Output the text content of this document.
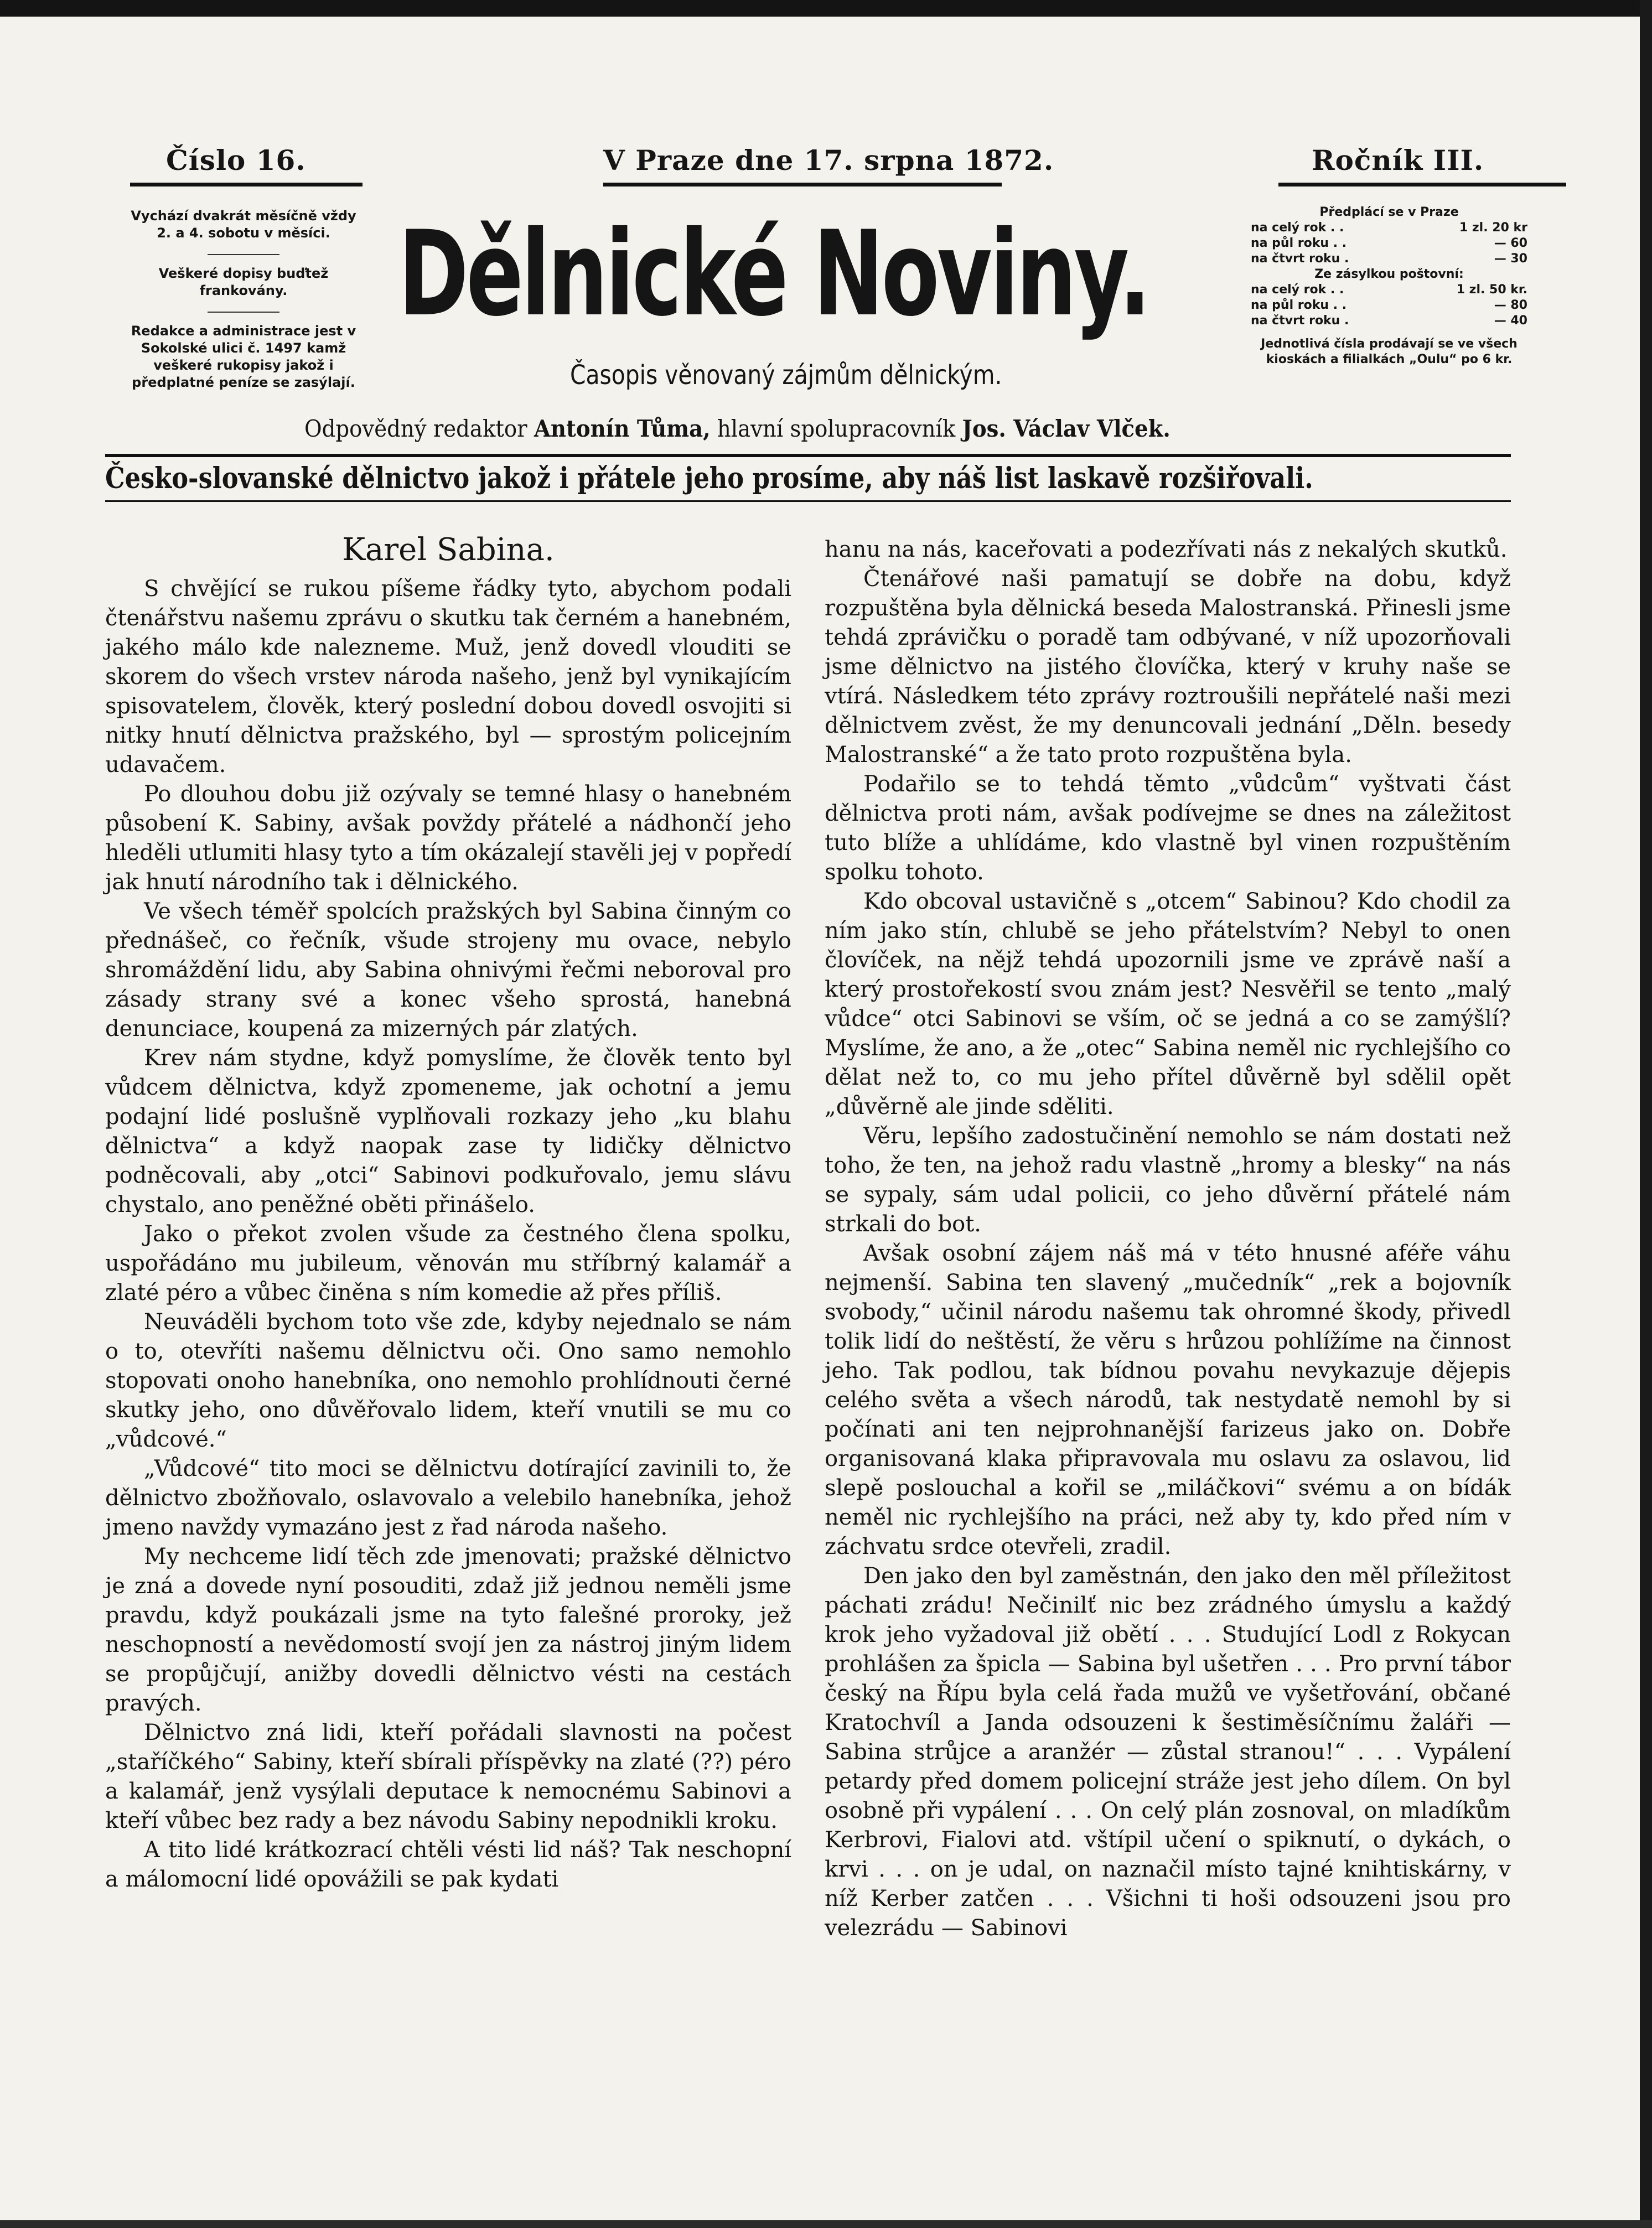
Číslo 16.	V Praze dne 17. srpna 1872.	Ročník III.

Vychází dvakrát měsíčně vždy 2. a 4. sobotu v měsíci.

Veškeré dopisy buďtež frankovány.

Redakce a administrace jest v Sokolské ulici č. 1497 kamž veškeré rukopisy jakož i předplatné peníze se zasýlají.

Dělnické Noviny.
Časopis věnovaný zájmům dělnickým.

Předplácí se v Praze

na celý rok . .	1 zl. 20 kr

na půl roku . .	— 60

na čtvrt roku .	— 30

Ze zásylkou poštovní:

na celý rok . .	1 zl. 50 kr.

na půl roku . .	— 80

na čtvrt roku .	— 40

Jednotlivá čísla prodávají se ve všech kioskách a filialkách „Oulu“ po 6 kr.

Odpovědný redaktor Antonín Tůma, hlavní spolupracovník Jos. Václav Vlček.
Česko-slovanské dělnictvo jakož i přátele jeho prosíme, aby náš list laskavě rozšiřovali.
Karel Sabina.

S chvějící se rukou píšeme řádky tyto, abychom podali čtenářstvu našemu zprávu o skutku tak černém a hanebném, jakého málo kde nalezneme. Muž, jenž dovedl vlouditi se skorem do všech vrstev národa našeho, jenž byl vynikajícím spisovatelem, člověk, který poslední dobou dovedl osvojiti si nitky hnutí dělnictva pražského, byl — sprostým policejním udavačem.

Po dlouhou dobu již ozývaly se temné hlasy o hanebném působení K. Sabiny, avšak povždy přátelé a nádhončí jeho hleděli utlumiti hlasy tyto a tím okázalejí stavěli jej v popředí jak hnutí národního tak i dělnického.

Ve všech téměř spolcích pražských byl Sabina činným co přednášeč, co řečník, všude strojeny mu ovace, nebylo shromáždění lidu, aby Sabina ohnivými řečmi neboroval pro zásady strany své a konec všeho sprostá, hanebná denunciace, koupená za mizerných pár zlatých.

Krev nám stydne, když pomyslíme, že člověk tento byl vůdcem dělnictva, když zpomeneme, jak ochotní a jemu podajní lidé poslušně vyplňovali rozkazy jeho „ku blahu dělnictva“ a když naopak zase ty lidičky dělnictvo podněcovali, aby „otci“ Sabinovi podkuřovalo, jemu slávu chystalo, ano peněžné oběti přinášelo.

Jako o překot zvolen všude za čestného člena spolku, uspořádáno mu jubileum, věnován mu stříbrný kalamář a zlaté péro a vůbec činěna s ním komedie až přes příliš.

Neuváděli bychom toto vše zde, kdyby nejednalo se nám o to, otevříti našemu dělnictvu oči. Ono samo nemohlo stopovati onoho hanebníka, ono nemohlo prohlídnouti černé skutky jeho, ono důvěřovalo lidem, kteří vnutili se mu co „vůdcové.“

„Vůdcové“ tito moci se dělnictvu dotírající zavinili to, že dělnictvo zbožňovalo, oslavovalo a velebilo hanebníka, jehož jmeno navždy vymazáno jest z řad národa našeho.

My nechceme lidí těch zde jmenovati; pražské dělnictvo je zná a dovede nyní posouditi, zdaž již jednou neměli jsme pravdu, když poukázali jsme na tyto falešné proroky, jež neschopností a nevědomostí svojí jen za nástroj jiným lidem se propůjčují, anižby dovedli dělnictvo vésti na cestách pravých.

Dělnictvo zná lidi, kteří pořádali slavnosti na počest „staříčkého“ Sabiny, kteří sbírali příspěvky na zlaté (??) péro a kalamář, jenž vysýlali deputace k nemocnému Sabinovi a kteří vůbec bez rady a bez návodu Sabiny nepodnikli kroku.

A tito lidé krátkozrací chtěli vésti lid náš? Tak neschopní a málomocní lidé opovážili se pak kydati

hanu na nás, kaceřovati a podezřívati nás z nekalých skutků.

Čtenářové naši pamatují se dobře na dobu, když rozpuštěna byla dělnická beseda Malostranská. Přinesli jsme tehdá zprávičku o poradě tam odbývané, v níž upozorňovali jsme dělnictvo na jistého človíčka, který v kruhy naše se vtírá. Následkem této zprávy roztroušili nepřátelé naši mezi dělnictvem zvěst, že my denuncovali jednání „Děln. besedy Malostranské“ a že tato proto rozpuštěna byla.

Podařilo se to tehdá těmto „vůdcům“ vyštvati část dělnictva proti nám, avšak podívejme se dnes na záležitost tuto blíže a uhlídáme, kdo vlastně byl vinen rozpuštěním spolku tohoto.

Kdo obcoval ustavičně s „otcem“ Sabinou? Kdo chodil za ním jako stín, chlubě se jeho přátelstvím? Nebyl to onen človíček, na nějž tehdá upozornili jsme ve zprávě naší a který prostořekostí svou znám jest? Nesvěřil se tento „malý vůdce“ otci Sabinovi se vším, oč se jedná a co se zamýšlí? Myslíme, že ano, a že „otec“ Sabina neměl nic rychlejšího co dělat než to, co mu jeho přítel důvěrně byl sdělil opět „důvěrně ale jinde sděliti.

Věru, lepšího zadostučinění nemohlo se nám dostati než toho, že ten, na jehož radu vlastně „hromy a blesky“ na nás se sypaly, sám udal policii, co jeho důvěrní přátelé nám strkali do bot.

Avšak osobní zájem náš má v této hnusné aféře váhu nejmenší. Sabina ten slavený „mučedník“ „rek a bojovník svobody,“ učinil národu našemu tak ohromné škody, přivedl tolik lidí do neštěstí, že věru s hrůzou pohlížíme na činnost jeho. Tak podlou, tak bídnou povahu nevykazuje dějepis celého světa a všech národů, tak nestydatě nemohl by si počínati ani ten nejprohnanější farizeus jako on. Dobře organisovaná klaka připravovala mu oslavu za oslavou, lid slepě poslouchal a kořil se „miláčkovi“ svému a on bídák neměl nic rychlejšího na práci, než aby ty, kdo před ním v záchvatu srdce otevřeli, zradil.

Den jako den byl zaměstnán, den jako den měl příležitost páchati zrádu! Nečinilť nic bez zrádného úmyslu a každý krok jeho vyžadoval již obětí . . . Studující Lodl z Rokycan prohlášen za špicla — Sabina byl ušetřen . . . Pro první tábor český na Řípu byla celá řada mužů ve vyšetřování, občané Kratochvíl a Janda odsouzeni k šestiměsíčnímu žaláři — Sabina strůjce a aranžér — zůstal stranou!“ . . . Vypálení petardy před domem policejní stráže jest jeho dílem. On byl osobně při vypálení . . . On celý plán zosnoval, on mladíkům Kerbrovi, Fialovi atd. vštípil učení o spiknutí, o dykách, o krvi . . . on je udal, on naznačil místo tajné knihtiskárny, v níž Kerber zatčen . . . Všichni ti hoši odsouzeni jsou pro velezrádu — Sabinovi
